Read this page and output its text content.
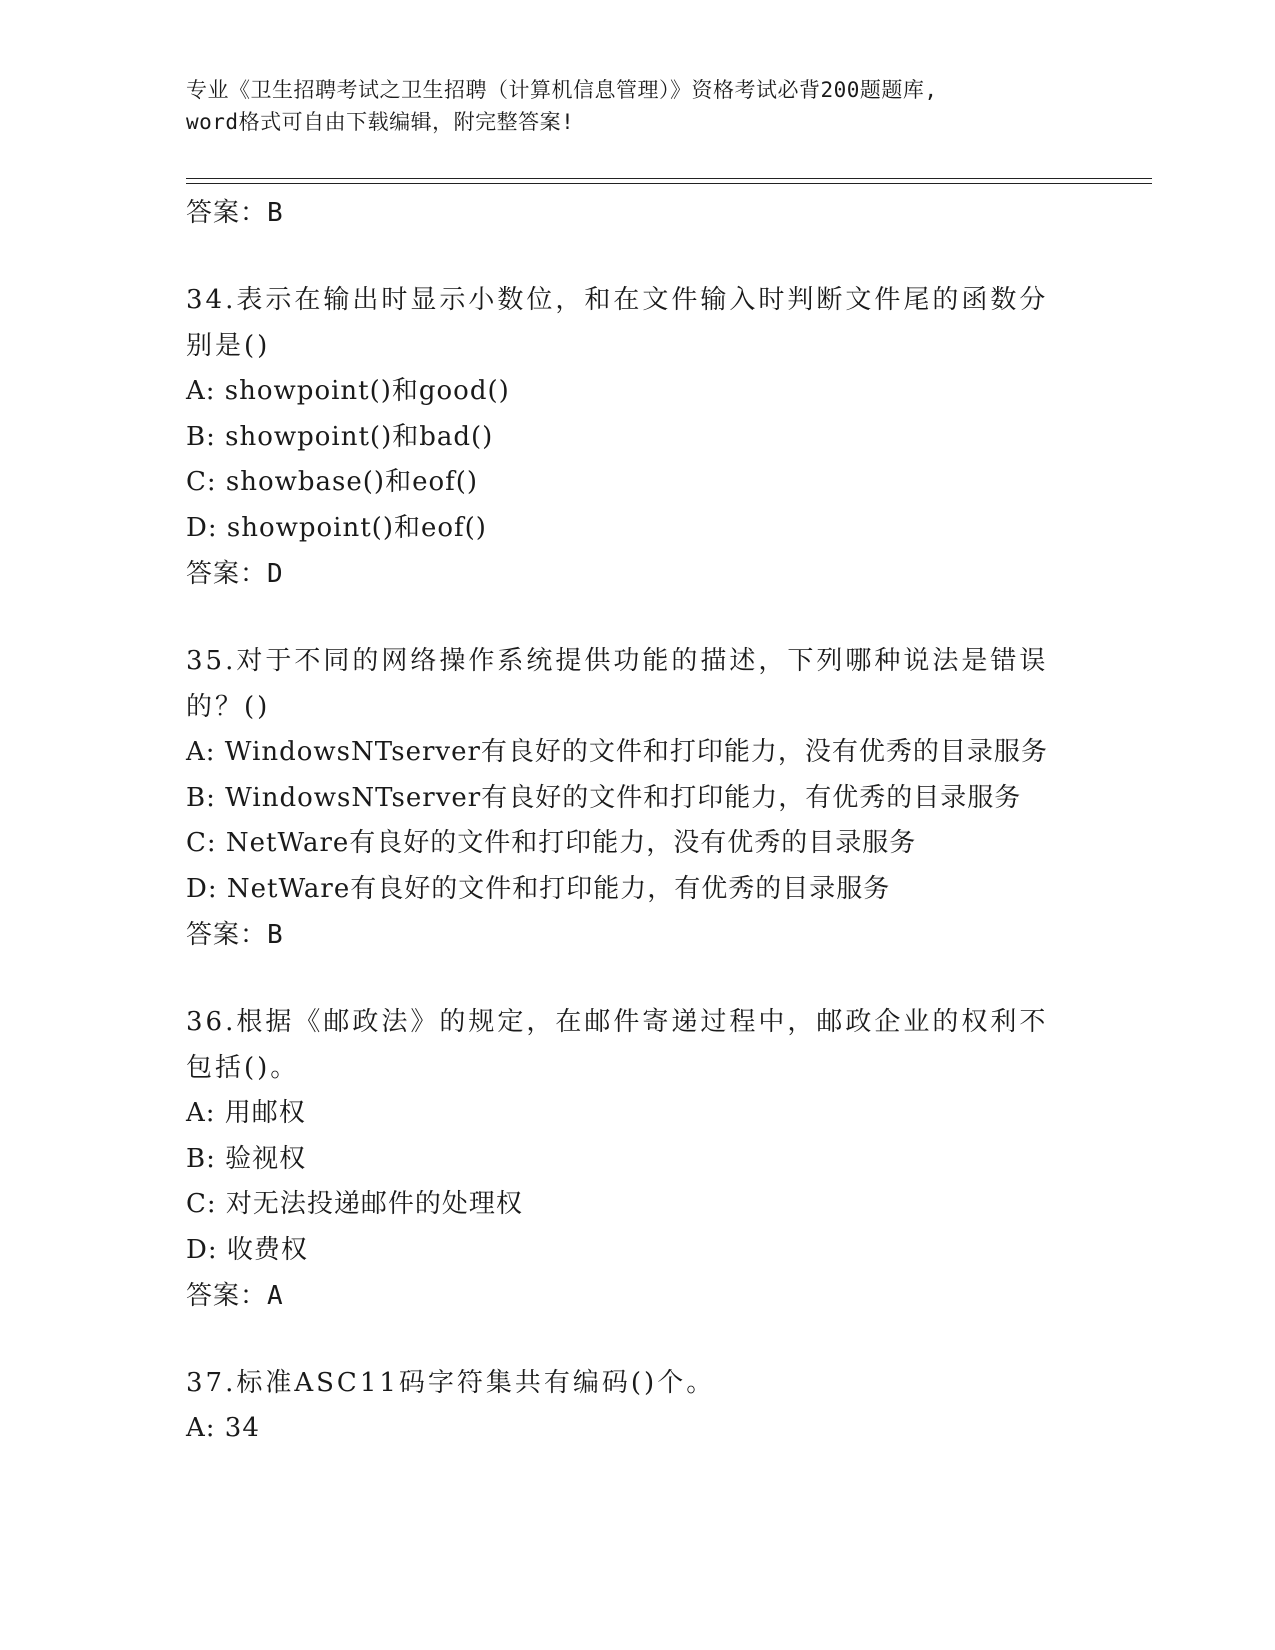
专业《卫生招聘考试之卫生招聘（计算机信息管理）》资格考试必背200题题库,
word格式可自由下载编辑，附完整答案!
答案：B
34.表示在输出时显示小数位，和在文件输入时判断文件尾的函数分别是()
A: showpoint()和good()
B: showpoint()和bad()
C: showbase()和eof()
D: showpoint()和eof()
答案：D
35.对于不同的网络操作系统提供功能的描述，下列哪种说法是错误的？()
A: WindowsNTserver有良好的文件和打印能力，没有优秀的目录服务
B: WindowsNTserver有良好的文件和打印能力，有优秀的目录服务
C: NetWare有良好的文件和打印能力，没有优秀的目录服务
D: NetWare有良好的文件和打印能力，有优秀的目录服务
答案：B
36.根据《邮政法》的规定，在邮件寄递过程中，邮政企业的权利不包括()。
A: 用邮权
B: 验视权
C: 对无法投递邮件的处理权
D: 收费权
答案：A
37.标准ASC11码字符集共有编码()个。
A: 34
